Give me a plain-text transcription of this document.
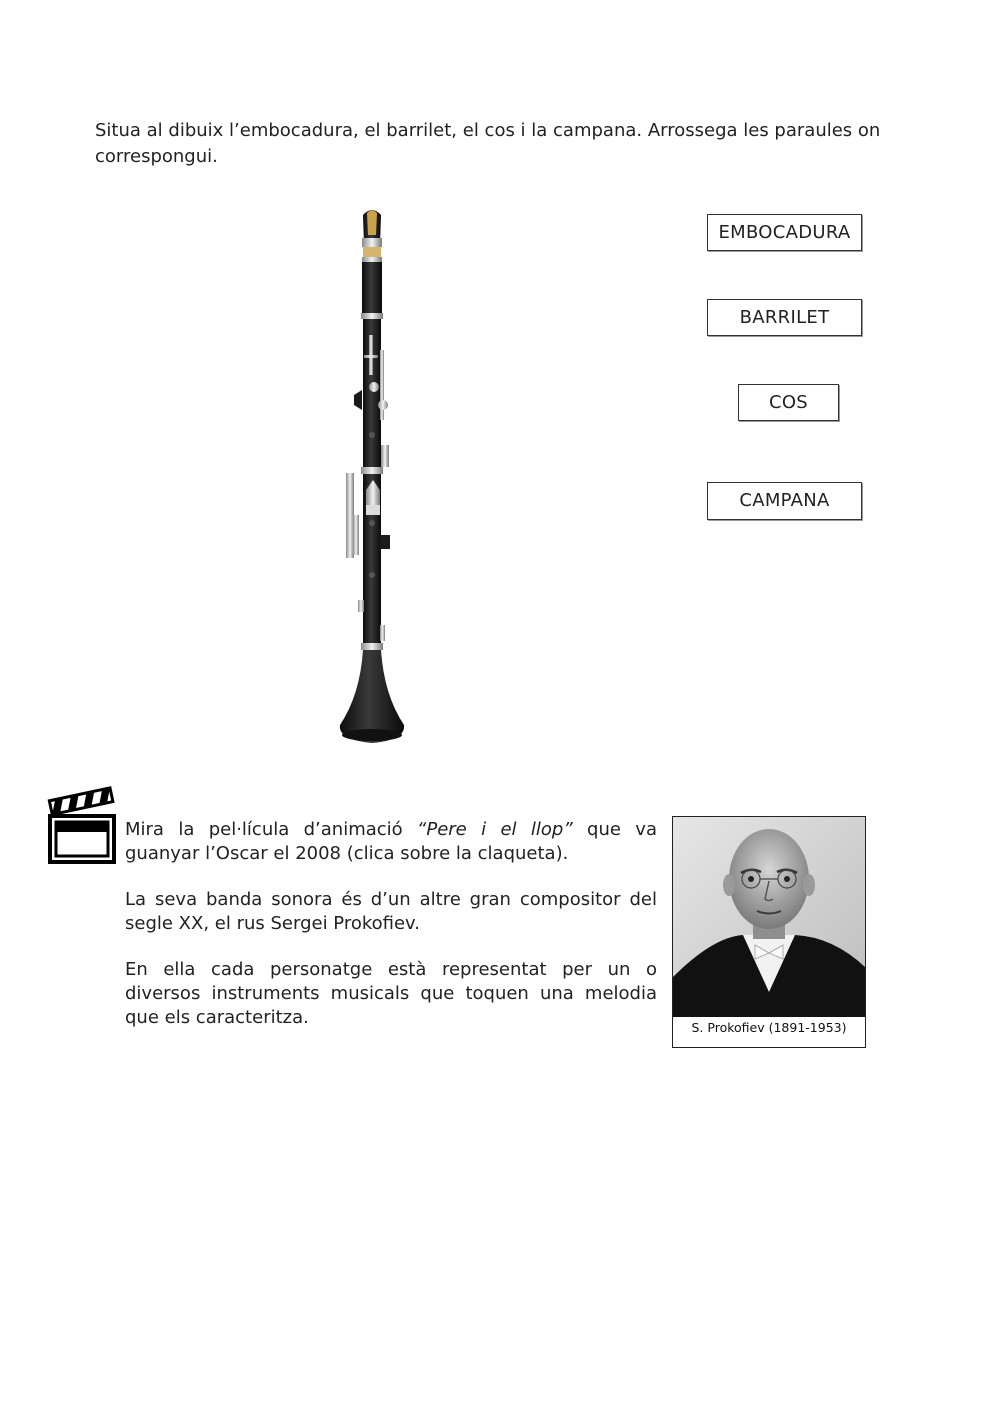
Situa al dibuix l’embocadura, el barrilet, el cos i la campana. Arrossega les paraules on correspongui.

EMBOCADURA
BARRILET
COS
CAMPANA

Mira la pel·lícula d’animació “Pere i el llop” que va guanyar l’Oscar el 2008 (clica sobre la claqueta).

La seva banda sonora és d’un altre gran compositor del segle XX, el rus Sergei Prokofiev.

En ella cada personatge està representat per un o diversos instruments musicals que toquen una melodia que els caracteritza.	S. Prokofiev (1891-1953)
